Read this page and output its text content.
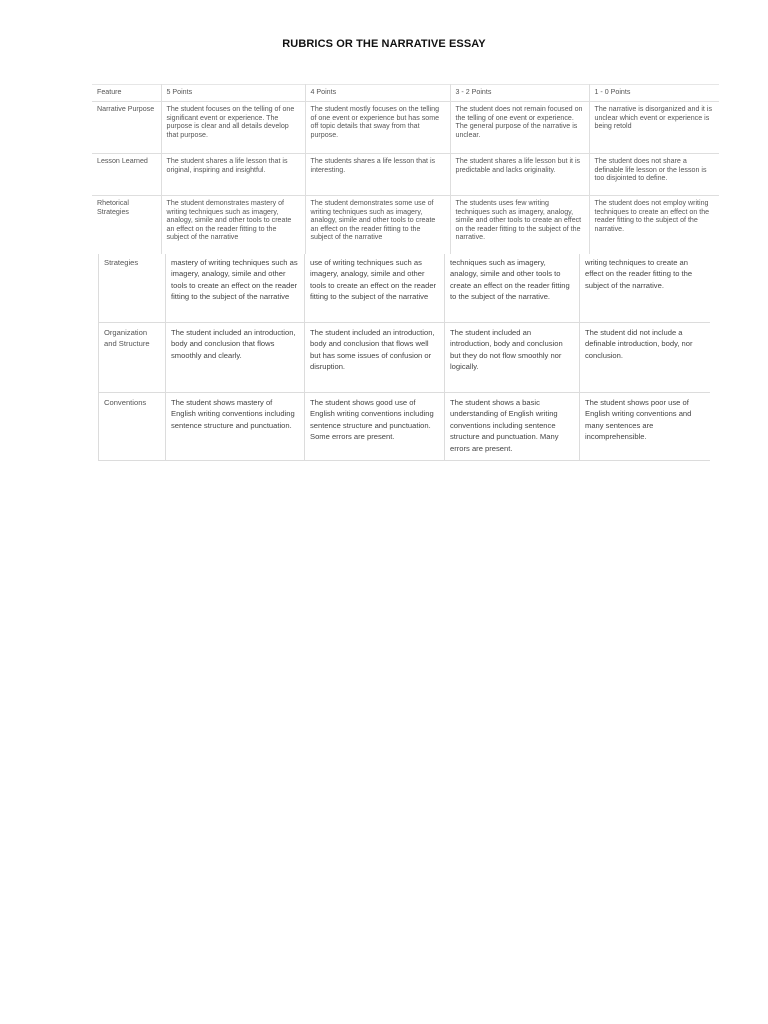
RUBRICS OR THE NARRATIVE ESSAY
Feature	5 Points	4 Points	3 - 2 Points	1 - 0 Points
Narrative Purpose	The student focuses on the telling of one significant event or experience. The purpose is clear and all details develop that purpose.	The student mostly focuses on the telling of one event or experience but has some off topic details that sway from that purpose.	The student does not remain focused on the telling of one event or experience. The general purpose of the narrative is unclear.	The narrative is disorganized and it is unclear which event or experience is being retold
Lesson Learned	The student shares a life lesson that is original, inspiring and insightful.	The students shares a life lesson that is interesting.	The student shares a life lesson but it is predictable and lacks originality.	The student does not share a definable life lesson or the lesson is too disjointed to define.
Rhetorical Strategies	The student demonstrates mastery of writing techniques such as imagery, analogy, simile and other tools to create an effect on the reader fitting to the subject of the narrative	The student demonstrates some use of writing techniques such as imagery, analogy, simile and other tools to create an effect on the reader fitting to the subject of the narrative	The students uses few writing techniques such as imagery, analogy, simile and other tools to create an effect on the reader fitting to the subject of the narrative.	The student does not employ writing techniques to create an effect on the reader fitting to the subject of the narrative.
Strategies	mastery of writing techniques such as imagery, analogy, simile and other tools to create an effect on the reader fitting to the subject of the narrative	use of writing techniques such as imagery, analogy, simile and other tools to create an effect on the reader fitting to the subject of the narrative	techniques such as imagery, analogy, simile and other tools to create an effect on the reader fitting to the subject of the narrative.	writing techniques to create an effect on the reader fitting to the subject of the narrative.
Organization and Structure	The student included an introduction, body and conclusion that flows smoothly and clearly.	The student included an introduction, body and conclusion that flows well but has some issues of confusion or disruption.	The student included an introduction, body and conclusion but they do not flow smoothly nor logically.	The student did not include a definable introduction, body, nor conclusion.
Conventions	The student shows mastery of English writing conventions including sentence structure and punctuation.	The student shows good use of English writing conventions including sentence structure and punctuation. Some errors are present.	The student shows a basic understanding of English writing conventions including sentence structure and punctuation. Many errors are present.	The student shows poor use of English writing conventions and many sentences are incomprehensible.
